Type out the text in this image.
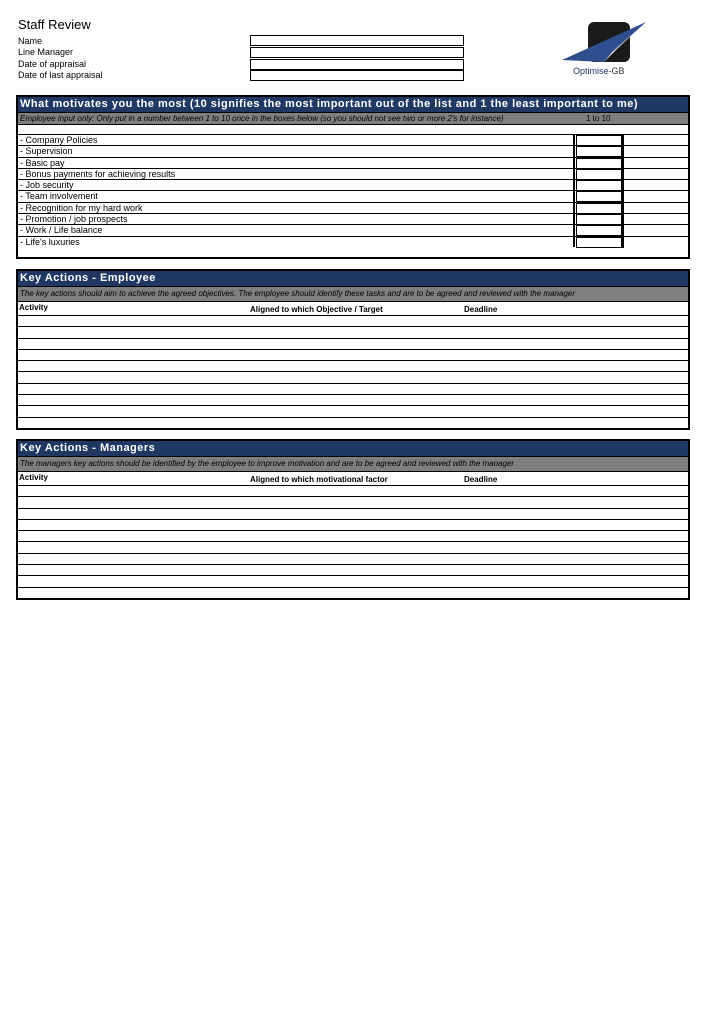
Staff Review
Name
Line Manager
Date of appraisal
Date of last appraisal	Optimise-GB
What motivates you the most (10 signifies the most important out of the list and 1 the least important to me)
Employee input only: Only put in a number between 1 to 10 once in the boxes below (so you should not see two or more 2's for instance)	1 to 10
- Company Policies
- Supervision
- Basic pay
- Bonus payments for achieving results
- Job security
- Team involvement
- Recognition for my hard work
- Promotion / job prospects
- Work / Life balance
- Life's luxuries
Key Actions - Employee
The key actions should aim to achieve the agreed objectives. The employee should identify these tasks and are to be agreed and reviewed with the manager
Activity	Aligned to which Objective / Target	Deadline
Key Actions - Managers
The managers key actions should be identified by the employee to improve motivation and are to be agreed and reviewed with the manager
Activity	Aligned to which motivational factor	Deadline
